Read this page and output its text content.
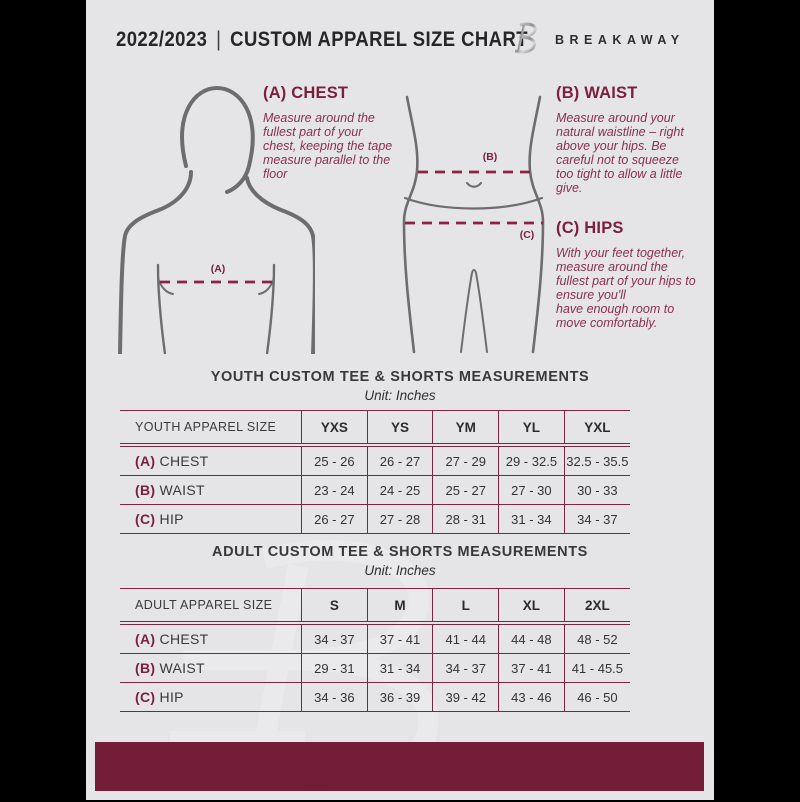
2022/2023 | CUSTOM APPAREL SIZE CHART BREAKAWAY
(A)
(B)
(C)
(A) CHEST

Measure around the fullest part of your chest, keeping the tape measure parallel to the floor

(B) WAIST

Measure around your natural waistline – right above your hips. Be careful not to squeeze too tight to allow a little give.

(C) HIPS

With your feet together, measure around the fullest part of your hips to ensure you'll

have enough room to move comfortably.

YOUTH CUSTOM TEE & SHORTS MEASUREMENTS
Unit: Inches
YOUTH APPAREL SIZE	YXS	YS	YM	YL	YXL
(A) CHEST	25 - 26	26 - 27	27 - 29	29 - 32.5	32.5 - 35.5
(B) WAIST	23 - 24	24 - 25	25 - 27	27 - 30	30 - 33
(C) HIP	26 - 27	27 - 28	28 - 31	31 - 34	34 - 37
ADULT CUSTOM TEE & SHORTS MEASUREMENTS
Unit: Inches
ADULT APPAREL SIZE	S	M	L	XL	2XL
(A) CHEST	34 - 37	37 - 41	41 - 44	44 - 48	48 - 52
(B) WAIST	29 - 31	31 - 34	34 - 37	37 - 41	41 - 45.5
(C) HIP	34 - 36	36 - 39	39 - 42	43 - 46	46 - 50
